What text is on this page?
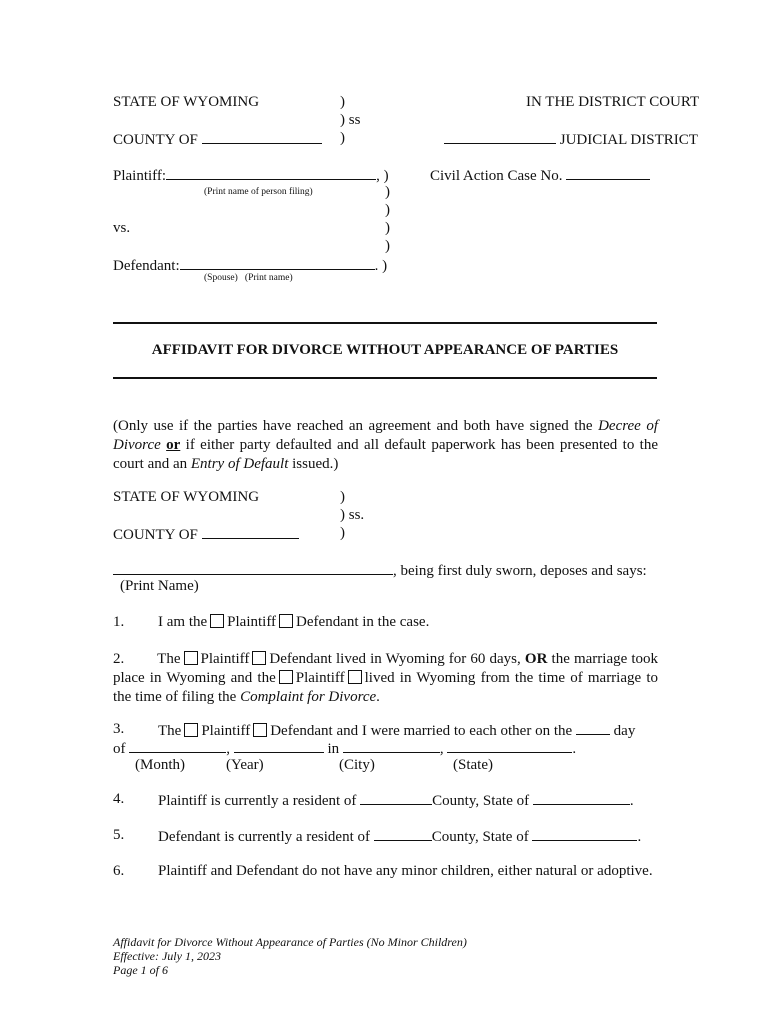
STATE OF WYOMING	)
) ss
)
COUNTY OF
IN THE DISTRICT COURT
JUDICIAL DISTRICT
Plaintiff:	, )
(Print name of person filing)
Civil Action Case No.
)
)
vs.	)
)
Defendant:	. )
(Spouse)   (Print name)
AFFIDAVIT FOR DIVORCE WITHOUT APPEARANCE OF PARTIES
(Only use if the parties have reached an agreement and both have signed the Decree of Divorce or if either party defaulted and all default paperwork has been presented to the court and an Entry of Default issued.)
STATE OF WYOMING	)
) ss.
)
COUNTY OF
, being first duly sworn, deposes and says:
(Print Name)
1. I am the Plaintiff Defendant in the case.
2. The Plaintiff Defendant lived in Wyoming for 60 days, OR the marriage took place in Wyoming and the Plaintiff lived in Wyoming from the time of marriage to the time of filing the Complaint for Divorce.
3. The Plaintiff Defendant and I were married to each other on the	day
of	,	in	,	.
(Month)	(Year)	(City)	(State)
4. Plaintiff is currently a resident of	County, State of	.
5. Defendant is currently a resident of	County, State of	.
6. Plaintiff and Defendant do not have any minor children, either natural or adoptive.
Affidavit for Divorce Without Appearance of Parties (No Minor Children)
Effective: July 1, 2023
Page 1 of 6
